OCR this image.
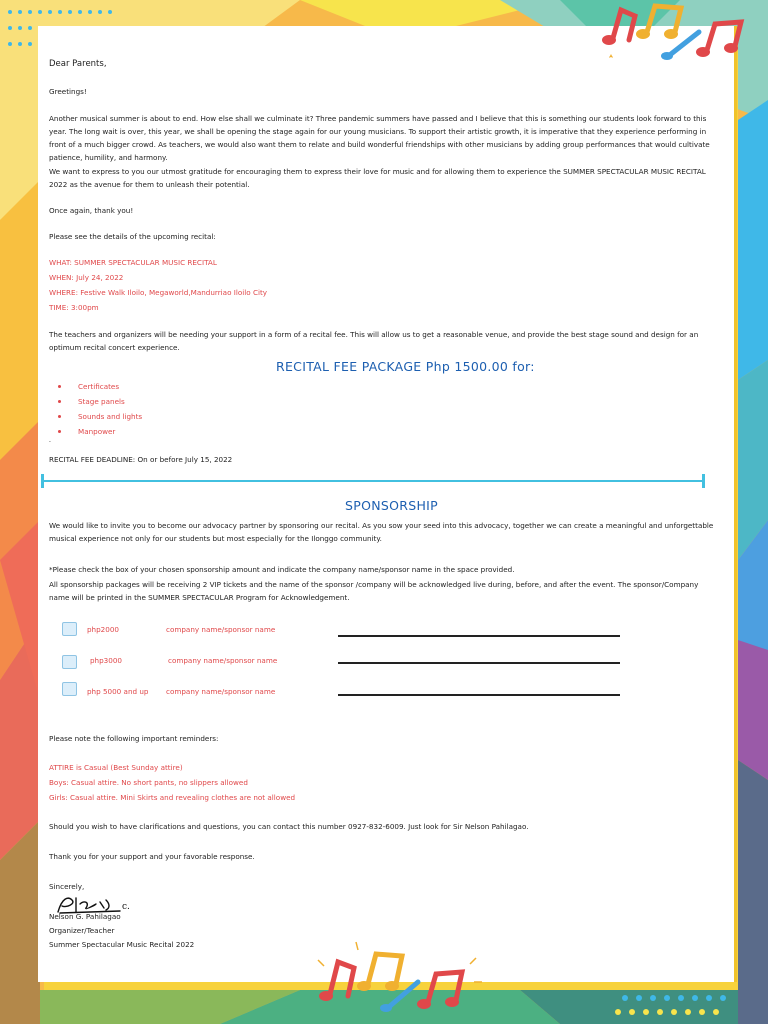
Dear Parents,
Greetings!
Another musical summer is about to end. How else shall we culminate it? Three pandemic summers have passed and I believe that this is something our students look forward to this year. The long wait is over, this year, we shall be opening the stage again for our young musicians. To support their artistic growth, it is imperative that they experience performing in front of a much bigger crowd. As teachers, we would also want them to relate and build wonderful friendships with other musicians by adding group performances that would cultivate patience, humility, and harmony.
We want to express to you our utmost gratitude for encouraging them to express their love for music and for allowing them to experience the SUMMER SPECTACULAR MUSIC RECITAL 2022 as the avenue for them to unleash their potential.
Once again, thank you!
Please see the details of the upcoming recital:
WHAT: SUMMER SPECTACULAR MUSIC RECITAL
WHEN: July 24, 2022
WHERE: Festive Walk Iloilo, Megaworld,Mandurriao Iloilo City
TIME: 3:00pm
The teachers and organizers will be needing your support in a form of a recital fee. This will allow us to get a reasonable venue, and provide the best stage sound and design for an optimum recital concert experience.
RECITAL FEE PACKAGE Php 1500.00 for:
Certificates
Stage panels
Sounds and lights
Manpower
-
RECITAL FEE DEADLINE: On or before July 15, 2022
SPONSORSHIP
We would like to invite you to become our advocacy partner by sponsoring our recital. As you sow your seed into this advocacy, together we can create a meaningful and unforgettable musical experience not only for our students but most especially for the Ilonggo community.
*Please check the box of your chosen sponsorship amount and indicate the company name/sponsor name in the space provided.
All sponsorship packages will be receiving 2 VIP tickets and the name of the sponsor /company will be acknowledged live during, before, and after the event. The sponsor/Company name will be printed in the SUMMER SPECTACULAR Program for Acknowledgement.
php2000	company name/sponsor name
php3000	company name/sponsor name
php 5000 and up company name/sponsor name
Please note the following important reminders:
ATTIRE is Casual (Best Sunday attire)
Boys: Casual attire. No short pants, no slippers allowed
Girls: Casual attire. Mini Skirts and revealing clothes are not allowed
Should you wish to have clarifications and questions, you can contact this number 0927-832-6009. Just look for Sir Nelson Pahilagao.
Thank you for your support and your favorable response.
Sincerely,
c.
Nelson G. Pahilagao
Organizer/Teacher
Summer Spectacular Music Recital 2022
